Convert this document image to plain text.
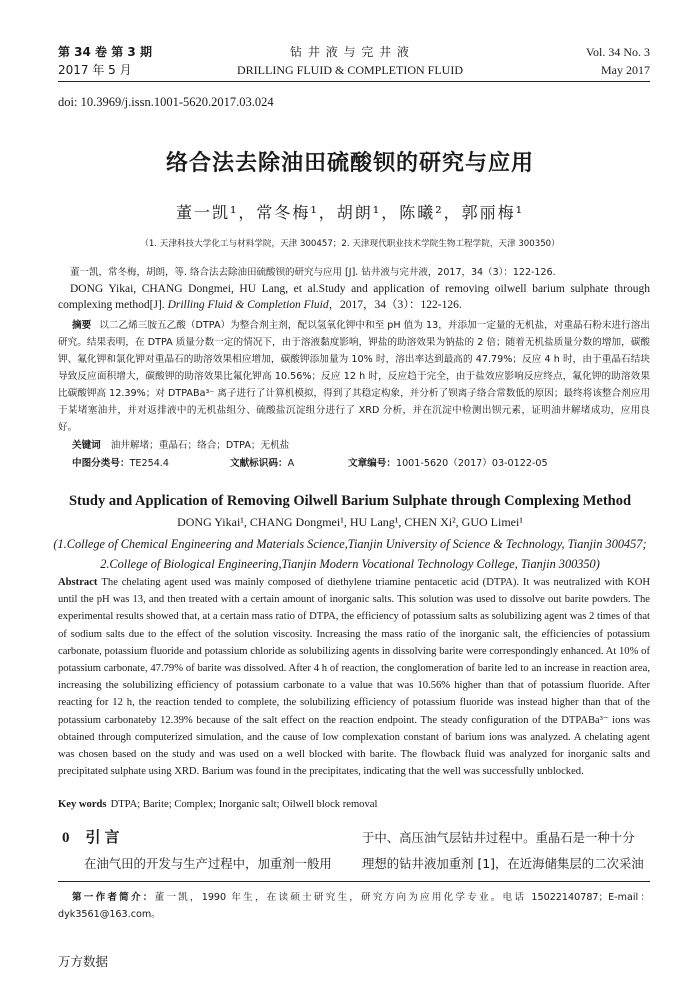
第 34 卷 第 3 期
2017 年 5 月
钻 井 液 与 完 井 液
DRILLING FLUID & COMPLETION FLUID
Vol. 34 No. 3
May 2017
doi: 10.3969/j.issn.1001-5620.2017.03.024
络合法去除油田硫酸钡的研究与应用
董一凯¹，常冬梅¹，胡朗¹，陈曦²，郭丽梅¹
（1. 天津科技大学化工与材料学院，天津 300457；2. 天津现代职业技术学院生物工程学院，天津 300350）
董一凯，常冬梅，胡朗，等. 络合法去除油田硫酸钡的研究与应用 [J]. 钻井液与完井液，2017，34（3）：122-126.
DONG Yikai, CHANG Dongmei, HU Lang, et al.Study and application of removing oilwell barium sulphate through complexing method[J]. Drilling Fluid & Completion Fluid，2017，34（3）：122-126.
摘要 以二乙烯三胺五乙酸（DTPA）为整合剂主剂，配以氢氧化钾中和至 pH 值为 13，并添加一定量的无机盐，对重晶石粉末进行溶出研究。结果表明，在 DTPA 质量分数一定的情况下，由于溶液黏度影响，钾盐的助溶效果为钠盐的 2 倍；随着无机盐质量分数的增加，碳酸钾、氟化钾和氯化钾对重晶石的助溶效果相应增加，碳酸钾添加量为 10% 时，溶出率达到最高的 47.79%；反应 4 h 时，由于重晶石结块导致反应面积增大，碳酸钾的助溶效果比氟化钾高 10.56%；反应 12 h 时，反应趋于完全，由于盐效应影响反应终点，氟化钾的助溶效果比碳酸钾高 12.39%；对 DTPABa³⁻ 离子进行了计算机模拟，得到了其稳定构象，并分析了钡离子络合常数低的原因；最终将该整合剂应用于某堵塞油井，并对返排液中的无机盐组分、硫酸盐沉淀组分进行了 XRD 分析，并在沉淀中检测出钡元素，证明油井解堵成功，应用良好。
关键词 油井解堵；重晶石；络合；DTPA；无机盐
中图分类号：TE254.4	文献标识码：A	文章编号：1001-5620（2017）03-0122-05
Study and Application of Removing Oilwell Barium Sulphate through Complexing Method
DONG Yikai¹, CHANG Dongmei¹, HU Lang¹, CHEN Xi², GUO Limei¹
(1.College of Chemical Engineering and Materials Science,Tianjin University of Science & Technology, Tianjin 300457;
2.College of Biological Engineering,Tianjin Modern Vocational Technology College, Tianjin 300350)
Abstract The chelating agent used was mainly composed of diethylene triamine pentacetic acid (DTPA). It was neutralized with KOH until the pH was 13, and then treated with a certain amount of inorganic salts. This solution was used to dissolve out barite powders. The experimental results showed that, at a certain mass ratio of DTPA, the efficiency of potassium salts as solubilizing agent was 2 times of that of sodium salts due to the effect of the solution viscosity. Increasing the mass ratio of the inorganic salt, the efficiencies of potassium carbonate, potassium fluoride and potassium chloride as solubilizing agents in dissolving barite were correspondingly enhanced. At 10% of potassium carbonate, 47.79% of barite was dissolved. After 4 h of reaction, the conglomeration of barite led to an increase in reaction area, increasing the solubilizing efficiency of potassium carbonate to a value that was 10.56% higher than that of potassium fluoride. After reacting for 12 h, the reaction tended to complete, the solubilizing efficiency of potassium fluoride was instead higher than that of the potassium carbonateby 12.39% because of the salt effect on the reaction endpoint. The steady configuration of the DTPABa³⁻ ions was obtained through computerized simulation, and the cause of low complexation constant of barium ions was analyzed. A chelating agent was chosen based on the study and was used on a well blocked with barite. The flowback fluid was analyzed for inorganic salts and precipitated sulphate using XRD. Barium was found in the precipitates, indicating that the well was successfully unblocked.
Key words DTPA; Barite; Complex; Inorganic salt; Oilwell block removal
0 引言
在油气田的开发与生产过程中，加重剂一般用
于中、高压油气层钻井过程中。重晶石是一种十分
理想的钻井液加重剂 [1]，在近海储集层的二次采油
第一作者简介：董一凯，1990 年生，在读硕士研究生，研究方向为应用化学专业。电话 15022140787；E-mail：dyk3561@163.com。
万方数据
